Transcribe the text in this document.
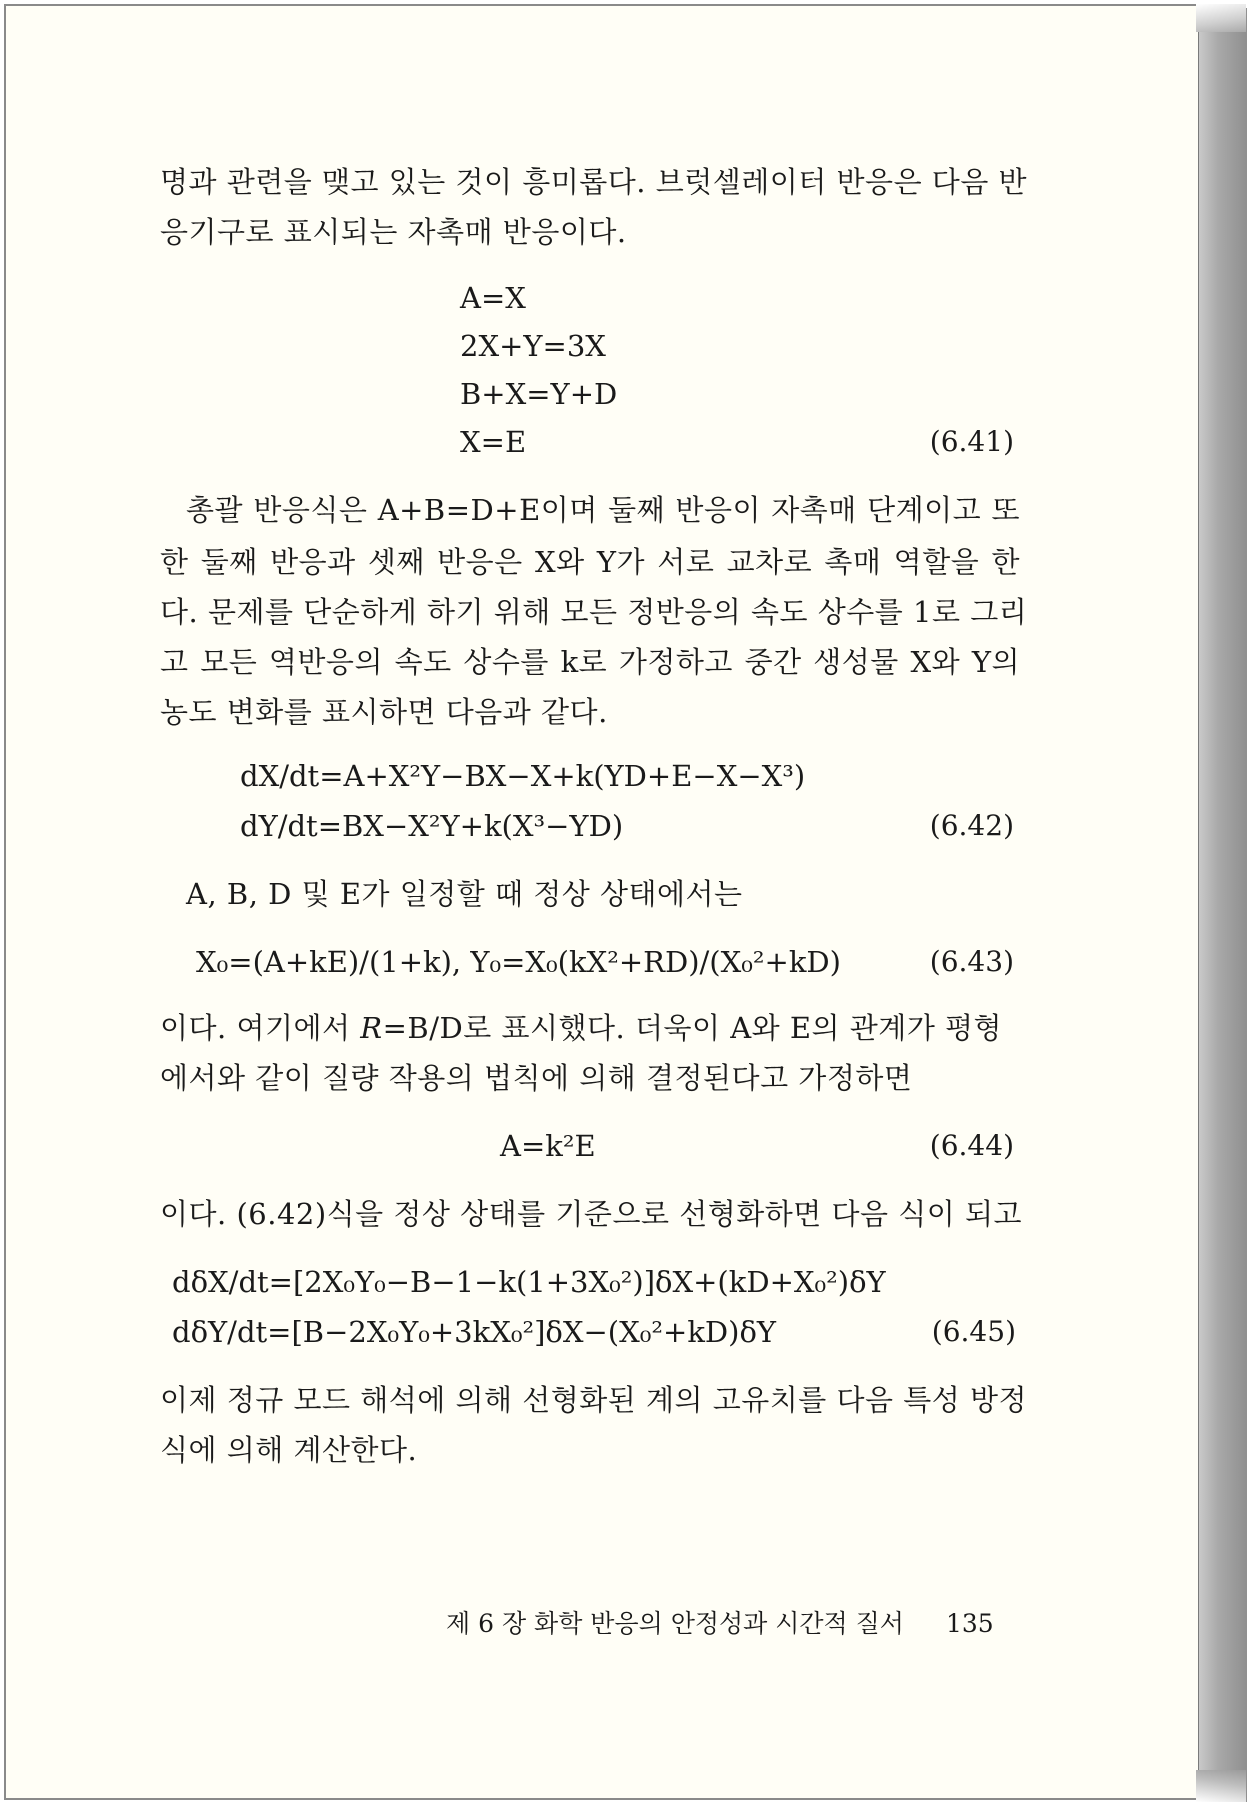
명과 관련을 맺고 있는 것이 흥미롭다. 브럿셀레이터 반응은 다음 반
응기구로 표시되는 자촉매 반응이다.
A=X
2X+Y=3X
B+X=Y+D
X=E	(6.41)
총괄 반응식은 A+B=D+E이며 둘째 반응이 자촉매 단계이고 또
한 둘째 반응과 셋째 반응은 X와 Y가 서로 교차로 촉매 역할을 한
다. 문제를 단순하게 하기 위해 모든 정반응의 속도 상수를 1로 그리
고 모든 역반응의 속도 상수를 k로 가정하고 중간 생성물 X와 Y의
농도 변화를 표시하면 다음과 같다.
dX/dt=A+X²Y−BX−X+k(YD+E−X−X³)
dY/dt=BX−X²Y+k(X³−YD)	(6.42)
A, B, D 및 E가 일정할 때 정상 상태에서는
X₀=(A+kE)/(1+k), Y₀=X₀(kX²+RD)/(X₀²+kD)	(6.43)
이다. 여기에서 R=B/D로 표시했다. 더욱이 A와 E의 관계가 평형
에서와 같이 질량 작용의 법칙에 의해 결정된다고 가정하면
A=k²E	(6.44)
이다. (6.42)식을 정상 상태를 기준으로 선형화하면 다음 식이 되고
dδX/dt=[2X₀Y₀−B−1−k(1+3X₀²)]δX+(kD+X₀²)δY
dδY/dt=[B−2X₀Y₀+3kX₀²]δX−(X₀²+kD)δY	(6.45)
이제 정규 모드 해석에 의해 선형화된 계의 고유치를 다음 특성 방정
식에 의해 계산한다.
제 6 장 화학 반응의 안정성과 시간적 질서 135
